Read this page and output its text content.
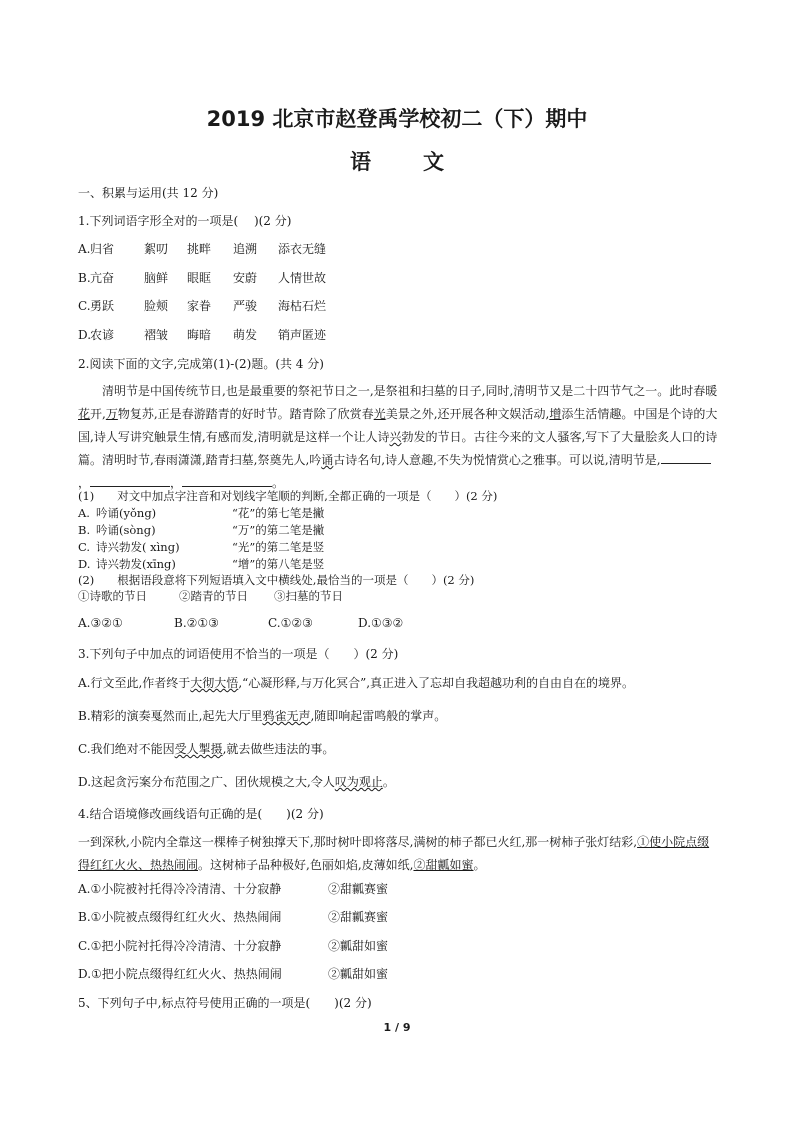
2019 北京市赵登禹学校初二（下）期中
语文
一、积累与运用(共 12 分)
1.下列词语字形全对的一项是(　 )(2 分)
A.归省 絮叨 挑畔 追溯 添衣无缝
B.亢奋 脑鲜 眼眶 安蔚 人情世故
C.勇跃 脸颊 家眷 严骏 海枯石烂
D.农谚 褶皱 晦暗 萌发 销声匿迹
2.阅读下面的文字,完成第(1)-(2)题。(共 4 分)
清明节是中国传统节日,也是最重要的祭祀节日之一,是祭祖和扫墓的日子,同时,清明节又是二十四节气之一。此时春暖花开,万物复苏,正是春游踏青的好时节。踏青除了欣赏春光美景之外,还开展各种文娱活动,增添生活情趣。中国是个诗的大国,诗人写讲究触景生情,有感而发,清明就是这样一个让人诗兴勃发的节日。古往今来的文人骚客,写下了大量脍炙人口的诗篇。清明时节,春雨潇潇,踏青扫墓,祭奠先人,吟诵古诗名句,诗人意趣,不失为悦情赏心之雅事。可以说,清明节是,，	，	。
(1)　　对文中加点字注音和对划线字笔顺的判断,全都正确的一项是（　　）(2 分)
A. 吟诵(yǒng)	“花”的第七笔是撇
B. 吟诵(sòng)	“万”的第二笔是撇
C. 诗兴勃发( xìng)	“光”的第二笔是竖
D. 诗兴勃发(xīng)	“增”的第八笔是竖
(2)　　根据语段意将下列短语填入文中横线处,最恰当的一项是（　　）(2 分)
①诗歌的节日	②踏青的节日 ③扫墓的节日
A.③②①	B.②①③	C.①②③	D.①③②
3.下列句子中加点的词语使用不恰当的一项是（　　）(2 分)
A.行文至此,作者终于大彻大悟,“心凝形释,与万化冥合”,真正进入了忘却自我超越功利的自由自在的境界。
B.精彩的演奏戛然而止,起先大厅里鸦雀无声,随即响起雷鸣般的掌声。
C.我们绝对不能因受人掣摄,就去做些违法的事。
D.这起贪污案分布范围之广、团伙规模之大,令人叹为观止。
4.结合语境修改画线语句正确的是(　　)(2 分)
一到深秋,小院内全靠这一棵棒子树独撑天下,那时树叶即将落尽,满树的柿子都已火红,那一树柿子张灯结彩,①使小院点缀得红红火火、热热闹闹。这树柿子品种极好,色丽如焰,皮薄如纸,②甜瓤如蜜。
A.①小院被衬托得冷冷清清、十分寂静	②甜瓤赛蜜
B.①小院被点缀得红红火火、热热闹闹	②甜瓤赛蜜
C.①把小院衬托得冷冷清清、十分寂静	②瓤甜如蜜
D.①把小院点缀得红红火火、热热闹闹	②瓤甜如蜜
5、下列句子中,标点符号使用正确的一项是(　　)(2 分)
1 / 9
